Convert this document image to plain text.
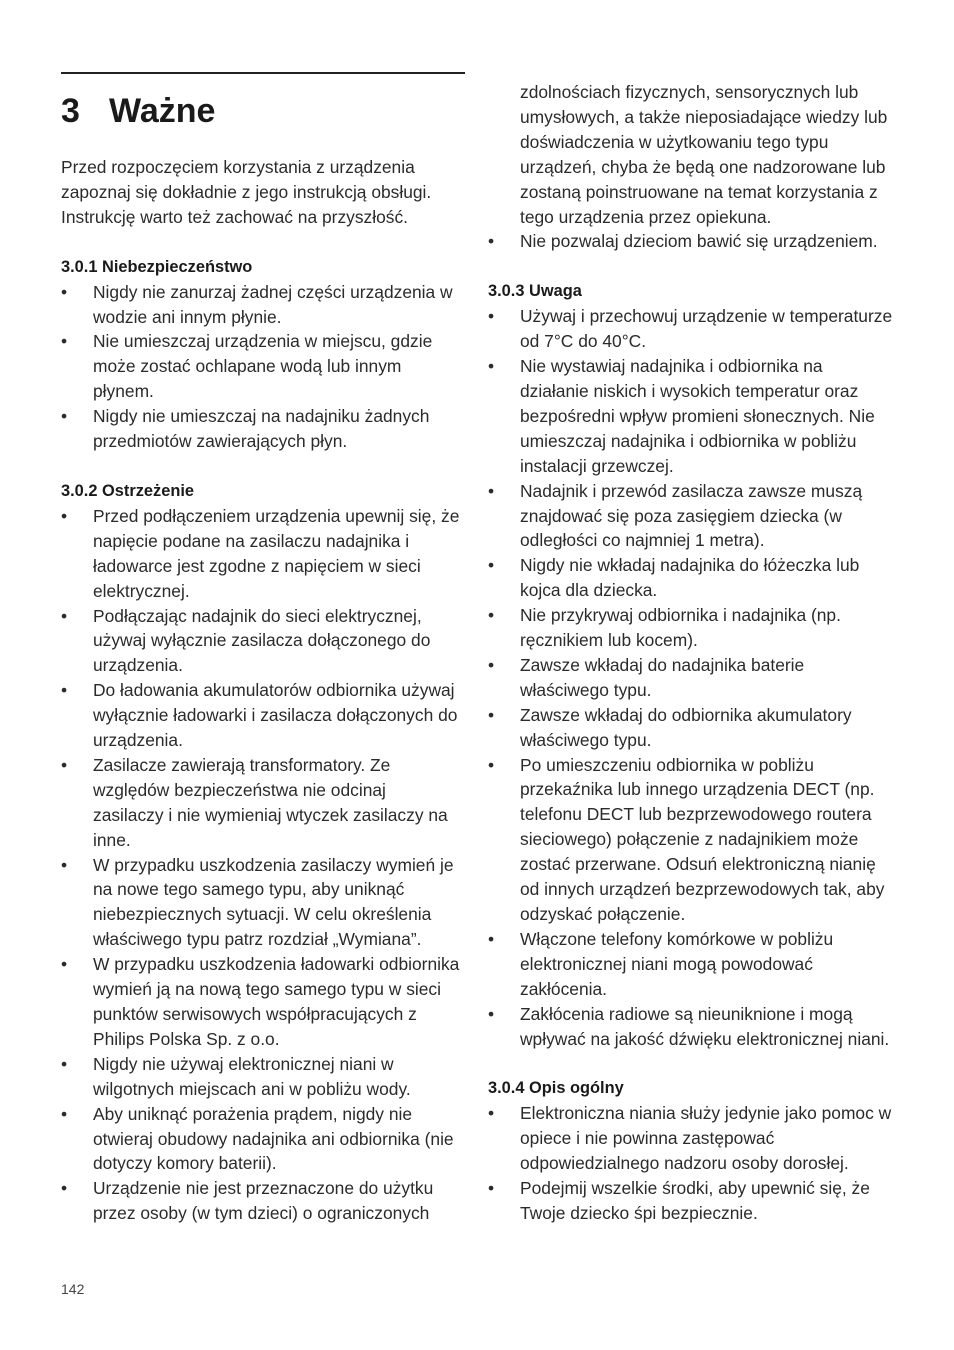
3 Ważne

Przed rozpoczęciem korzystania z urządzenia zapoznaj się dokładnie z jego instrukcją obsługi. Instrukcję warto też zachować na przyszłość.

3.0.1 Niebezpieczeństwo
• Nigdy nie zanurzaj żadnej części urządzenia w wodzie ani innym płynie.
• Nie umieszczaj urządzenia w miejscu, gdzie może zostać ochlapane wodą lub innym płynem.
• Nigdy nie umieszczaj na nadajniku żadnych przedmiotów zawierających płyn.
3.0.2 Ostrzeżenie
• Przed podłączeniem urządzenia upewnij się, że napięcie podane na zasilaczu nadajnika i ładowarce jest zgodne z napięciem w sieci elektrycznej.
• Podłączając nadajnik do sieci elektrycznej, używaj wyłącznie zasilacza dołączonego do urządzenia.
• Do ładowania akumulatorów odbiornika używaj wyłącznie ładowarki i zasilacza dołączonych do urządzenia.
• Zasilacze zawierają transformatory. Ze względów bezpieczeństwa nie odcinaj zasilaczy i nie wymieniaj wtyczek zasilaczy na inne.
• W przypadku uszkodzenia zasilaczy wymień je na nowe tego samego typu, aby uniknąć niebezpiecznych sytuacji. W celu określenia właściwego typu patrz rozdział „Wymiana”.
• W przypadku uszkodzenia ładowarki odbiornika wymień ją na nową tego samego typu w sieci punktów serwisowych współpracujących z Philips Polska Sp. z o.o.
• Nigdy nie używaj elektronicznej niani w wilgotnych miejscach ani w pobliżu wody.
• Aby uniknąć porażenia prądem, nigdy nie otwieraj obudowy nadajnika ani odbiornika (nie dotyczy komory baterii).
• Urządzenie nie jest przeznaczone do użytku przez osoby (w tym dzieci) o ograniczonych

zdolnościach fizycznych, sensorycznych lub umysłowych, a także nieposiadające wiedzy lub doświadczenia w użytkowaniu tego typu urządzeń, chyba że będą one nadzorowane lub zostaną poinstruowane na temat korzystania z tego urządzenia przez opiekuna.

• Nie pozwalaj dzieciom bawić się urządzeniem.
3.0.3 Uwaga
• Używaj i przechowuj urządzenie w temperaturze od 7°C do 40°C.
• Nie wystawiaj nadajnika i odbiornika na działanie niskich i wysokich temperatur oraz bezpośredni wpływ promieni słonecznych. Nie umieszczaj nadajnika i odbiornika w pobliżu instalacji grzewczej.
• Nadajnik i przewód zasilacza zawsze muszą znajdować się poza zasięgiem dziecka (w odległości co najmniej 1 metra).
• Nigdy nie wkładaj nadajnika do łóżeczka lub kojca dla dziecka.
• Nie przykrywaj odbiornika i nadajnika (np. ręcznikiem lub kocem).
• Zawsze wkładaj do nadajnika baterie właściwego typu.
• Zawsze wkładaj do odbiornika akumulatory właściwego typu.
• Po umieszczeniu odbiornika w pobliżu przekaźnika lub innego urządzenia DECT (np. telefonu DECT lub bezprzewodowego routera sieciowego) połączenie z nadajnikiem może zostać przerwane. Odsuń elektroniczną nianię od innych urządzeń bezprzewodowych tak, aby odzyskać połączenie.
• Włączone telefony komórkowe w pobliżu elektronicznej niani mogą powodować zakłócenia.
• Zakłócenia radiowe są nieuniknione i mogą wpływać na jakość dźwięku elektronicznej niani.
3.0.4 Opis ogólny
• Elektroniczna niania służy jedynie jako pomoc w opiece i nie powinna zastępować odpowiedzialnego nadzoru osoby dorosłej.
• Podejmij wszelkie środki, aby upewnić się, że Twoje dziecko śpi bezpiecznie.
142
